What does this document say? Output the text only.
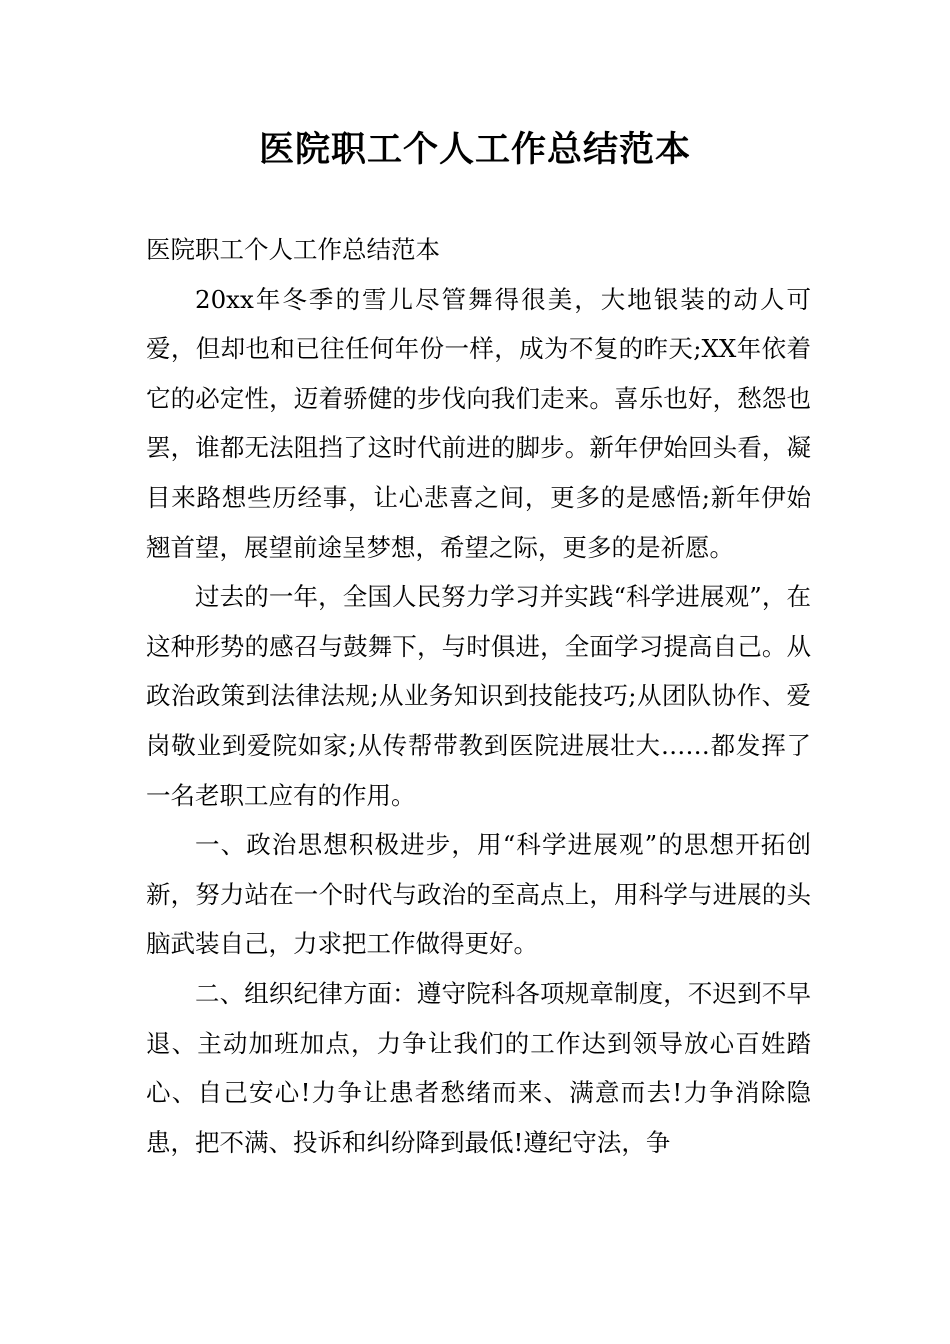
医院职工个人工作总结范本

医院职工个人工作总结范本

20xx年冬季的雪儿尽管舞得很美，大地银装的动人可爱，但却也和已往任何年份一样，成为不复的昨天;XX年依着它的必定性，迈着骄健的步伐向我们走来。喜乐也好，愁怨也罢，谁都无法阻挡了这时代前进的脚步。新年伊始回头看，凝目来路想些历经事，让心悲喜之间，更多的是感悟;新年伊始翘首望，展望前途呈梦想，希望之际，更多的是祈愿。

过去的一年，全国人民努力学习并实践“科学进展观”，在这种形势的感召与鼓舞下，与时俱进，全面学习提高自己。从政治政策到法律法规;从业务知识到技能技巧;从团队协作、爱岗敬业到爱院如家;从传帮带教到医院进展壮大……都发挥了一名老职工应有的作用。

一、政治思想积极进步，用“科学进展观”的思想开拓创新，努力站在一个时代与政治的至高点上，用科学与进展的头脑武装自己，力求把工作做得更好。

二、组织纪律方面：遵守院科各项规章制度，不迟到不早退、主动加班加点，力争让我们的工作达到领导放心百姓踏心、自己安心!力争让患者愁绪而来、满意而去!力争消除隐患，把不满、投诉和纠纷降到最低!遵纪守法，争
